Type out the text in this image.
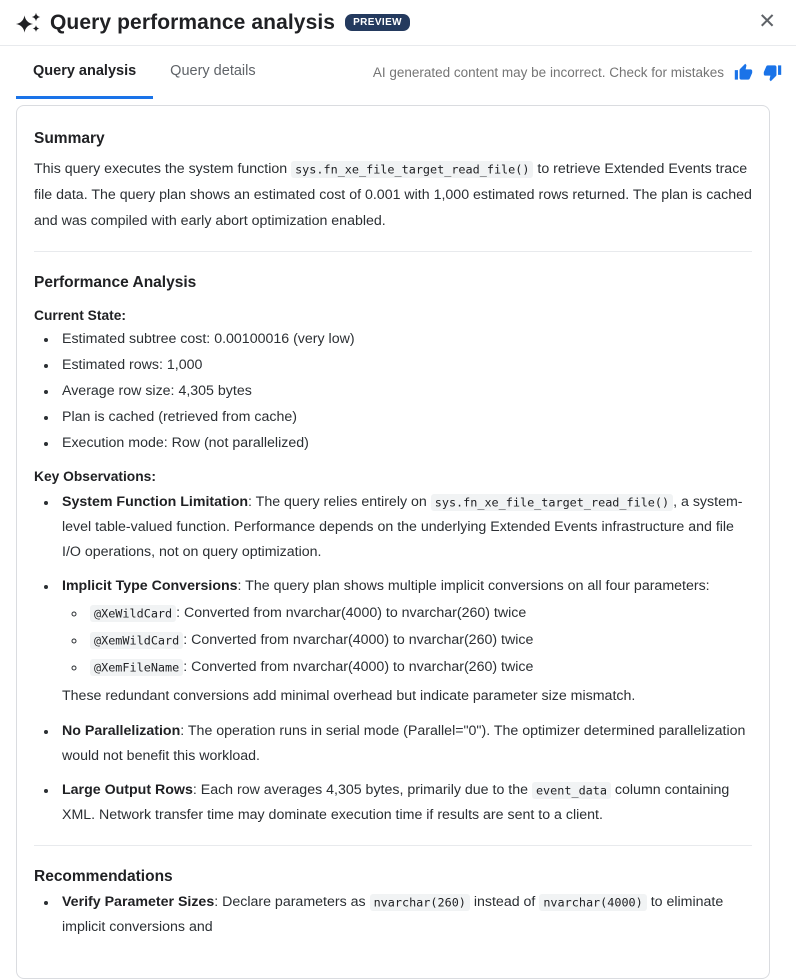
Query performance analysis	PREVIEW	✕
Query analysis	Query details	AI generated content may be incorrect. Check for mistakes
Summary

This query executes the system function sys.fn_xe_file_target_read_file() to retrieve Extended Events trace file data. The query plan shows an estimated cost of 0.001 with 1,000 estimated rows returned. The plan is cached and was compiled with early abort optimization enabled.

Performance Analysis
Current State:
• Estimated subtree cost: 0.00100016 (very low)
• Estimated rows: 1,000
• Average row size: 4,305 bytes
• Plan is cached (retrieved from cache)
• Execution mode: Row (not parallelized)
Key Observations:
• System Function Limitation: The query relies entirely on sys.fn_xe_file_target_read_file() , a system-level table-valued function. Performance depends on the underlying Extended Events infrastructure and file I/O operations, not on query optimization.
• Implicit Type Conversions: The query plan shows multiple implicit conversions on all four parameters:
◦ @XeWildCard : Converted from nvarchar(4000) to nvarchar(260) twice
◦ @XemWildCard : Converted from nvarchar(4000) to nvarchar(260) twice
◦ @XemFileName : Converted from nvarchar(4000) to nvarchar(260) twice
These redundant conversions add minimal overhead but indicate parameter size mismatch.
• No Parallelization: The operation runs in serial mode (Parallel="0"). The optimizer determined parallelization would not benefit this workload.
• Large Output Rows: Each row averages 4,305 bytes, primarily due to the event_data column containing XML. Network transfer time may dominate execution time if results are sent to a client.
Recommendations
• Verify Parameter Sizes: Declare parameters as nvarchar(260) instead of nvarchar(4000) to eliminate implicit conversions and
